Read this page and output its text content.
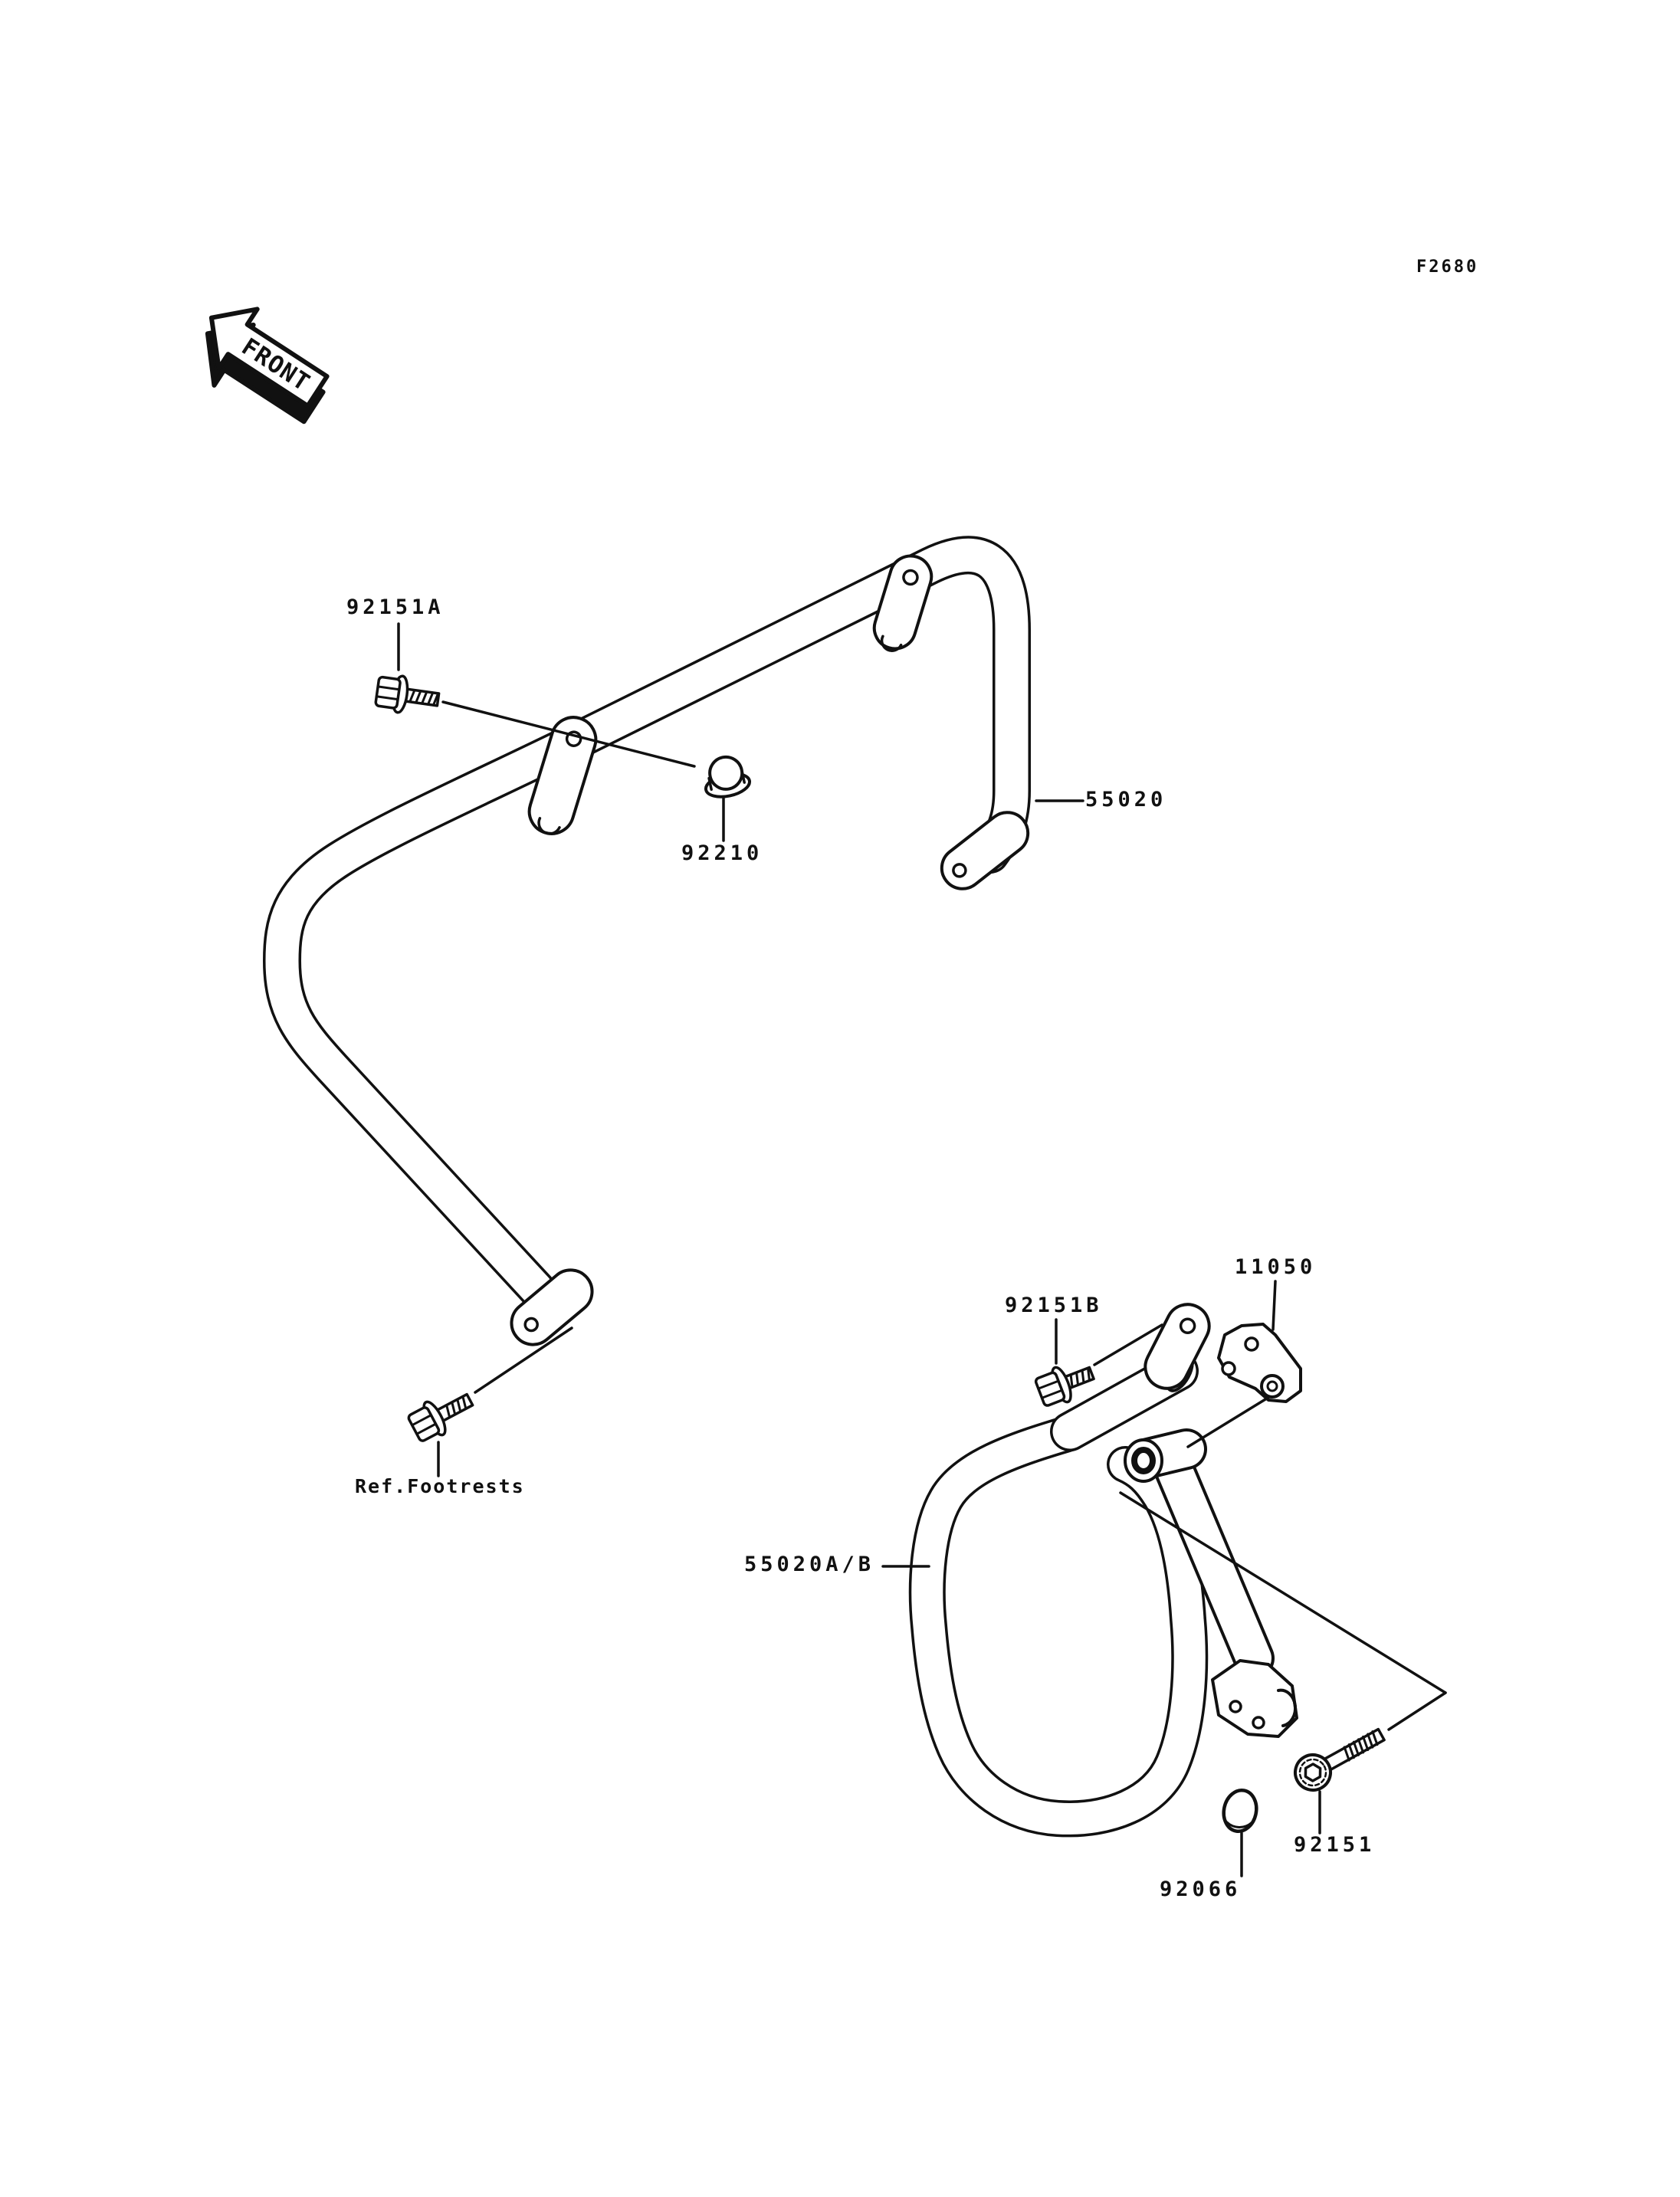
FRONT
F2680
92151A
92210
55020
Ref.Footrests
92151B
11050
55020A/B
92151
92066
